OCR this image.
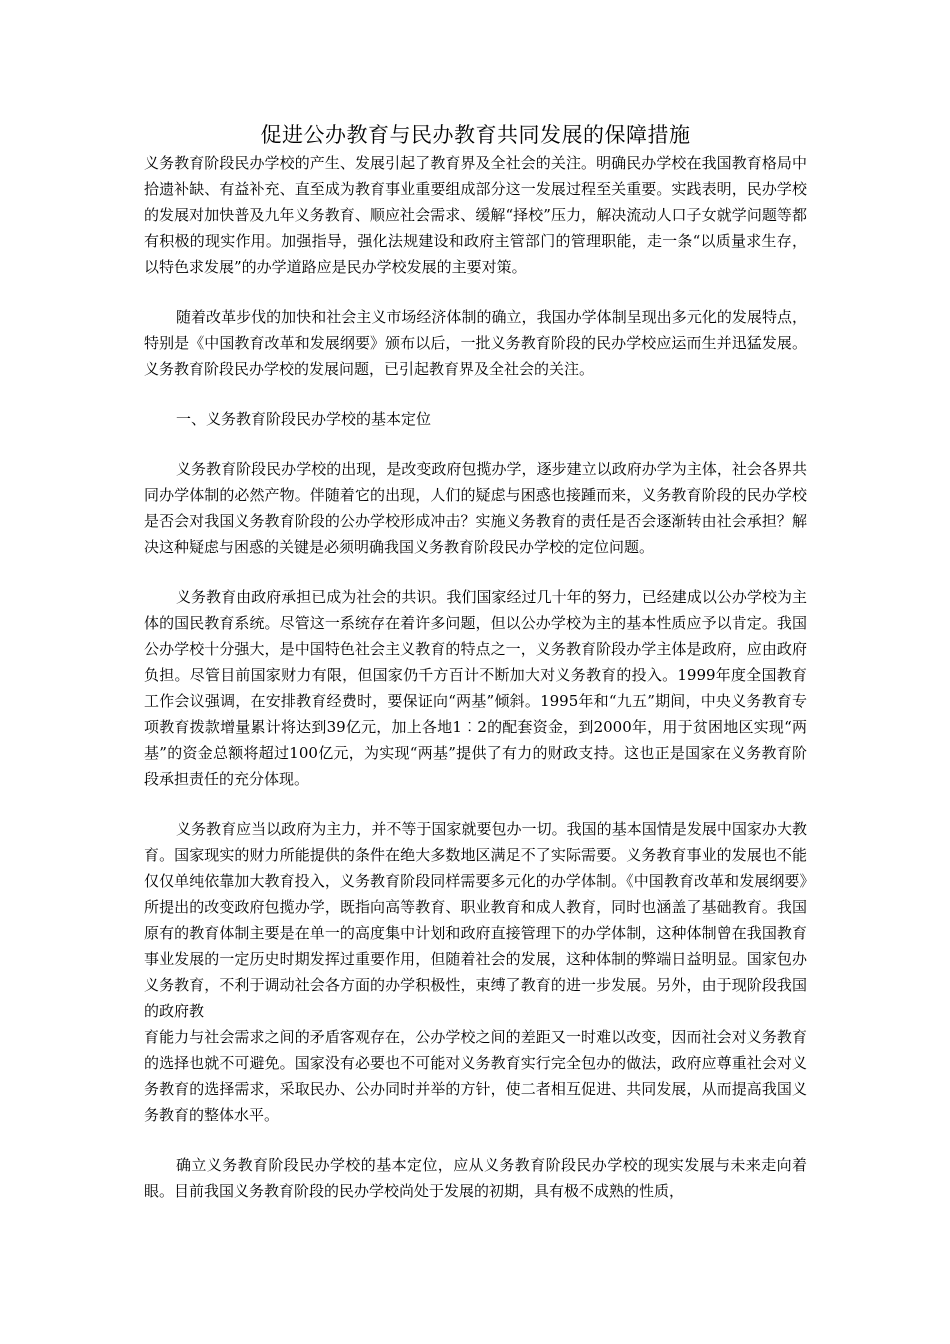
促进公办教育与民办教育共同发展的保障措施

义务教育阶段民办学校的产生、发展引起了教育界及全社会的关注。明确民办学校在我国教育格局中拾遗补缺、有益补充、直至成为教育事业重要组成部分这一发展过程至关重要。实践表明，民办学校的发展对加快普及九年义务教育、顺应社会需求、缓解“择校”压力，解决流动人口子女就学问题等都有积极的现实作用。加强指导，强化法规建设和政府主管部门的管理职能，走一条“以质量求生存，以特色求发展”的办学道路应是民办学校发展的主要对策。

随着改革步伐的加快和社会主义市场经济体制的确立，我国办学体制呈现出多元化的发展特点，特别是《中国教育改革和发展纲要》颁布以后，一批义务教育阶段的民办学校应运而生并迅猛发展。义务教育阶段民办学校的发展问题，已引起教育界及全社会的关注。

一、义务教育阶段民办学校的基本定位

义务教育阶段民办学校的出现，是改变政府包揽办学，逐步建立以政府办学为主体，社会各界共同办学体制的必然产物。伴随着它的出现，人们的疑虑与困惑也接踵而来，义务教育阶段的民办学校是否会对我国义务教育阶段的公办学校形成冲击？实施义务教育的责任是否会逐渐转由社会承担？解决这种疑虑与困惑的关键是必须明确我国义务教育阶段民办学校的定位问题。

义务教育由政府承担已成为社会的共识。我们国家经过几十年的努力，已经建成以公办学校为主体的国民教育系统。尽管这一系统存在着许多问题，但以公办学校为主的基本性质应予以肯定。我国公办学校十分强大，是中国特色社会主义教育的特点之一，义务教育阶段办学主体是政府，应由政府负担。尽管目前国家财力有限，但国家仍千方百计不断加大对义务教育的投入。1999年度全国教育工作会议强调，在安排教育经费时，要保证向“两基”倾斜。1995年和“九五”期间，中央义务教育专项教育拨款增量累计将达到39亿元，加上各地1︰2的配套资金，到2000年，用于贫困地区实现“两基”的资金总额将超过100亿元，为实现“两基”提供了有力的财政支持。这也正是国家在义务教育阶段承担责任的充分体现。

义务教育应当以政府为主力，并不等于国家就要包办一切。我国的基本国情是发展中国家办大教育。国家现实的财力所能提供的条件在绝大多数地区满足不了实际需要。义务教育事业的发展也不能仅仅单纯依靠加大教育投入，义务教育阶段同样需要多元化的办学体制。《中国教育改革和发展纲要》所提出的改变政府包揽办学，既指向高等教育、职业教育和成人教育，同时也涵盖了基础教育。我国原有的教育体制主要是在单一的高度集中计划和政府直接管理下的办学体制，这种体制曾在我国教育事业发展的一定历史时期发挥过重要作用，但随着社会的发展，这种体制的弊端日益明显。国家包办义务教育，不利于调动社会各方面的办学积极性，束缚了教育的进一步发展。另外，由于现阶段我国的政府教

育能力与社会需求之间的矛盾客观存在，公办学校之间的差距又一时难以改变，因而社会对义务教育的选择也就不可避免。国家没有必要也不可能对义务教育实行完全包办的做法，政府应尊重社会对义务教育的选择需求，采取民办、公办同时并举的方针，使二者相互促进、共同发展，从而提高我国义务教育的整体水平。

确立义务教育阶段民办学校的基本定位，应从义务教育阶段民办学校的现实发展与未来走向着眼。目前我国义务教育阶段的民办学校尚处于发展的初期，具有极不成熟的性质，
